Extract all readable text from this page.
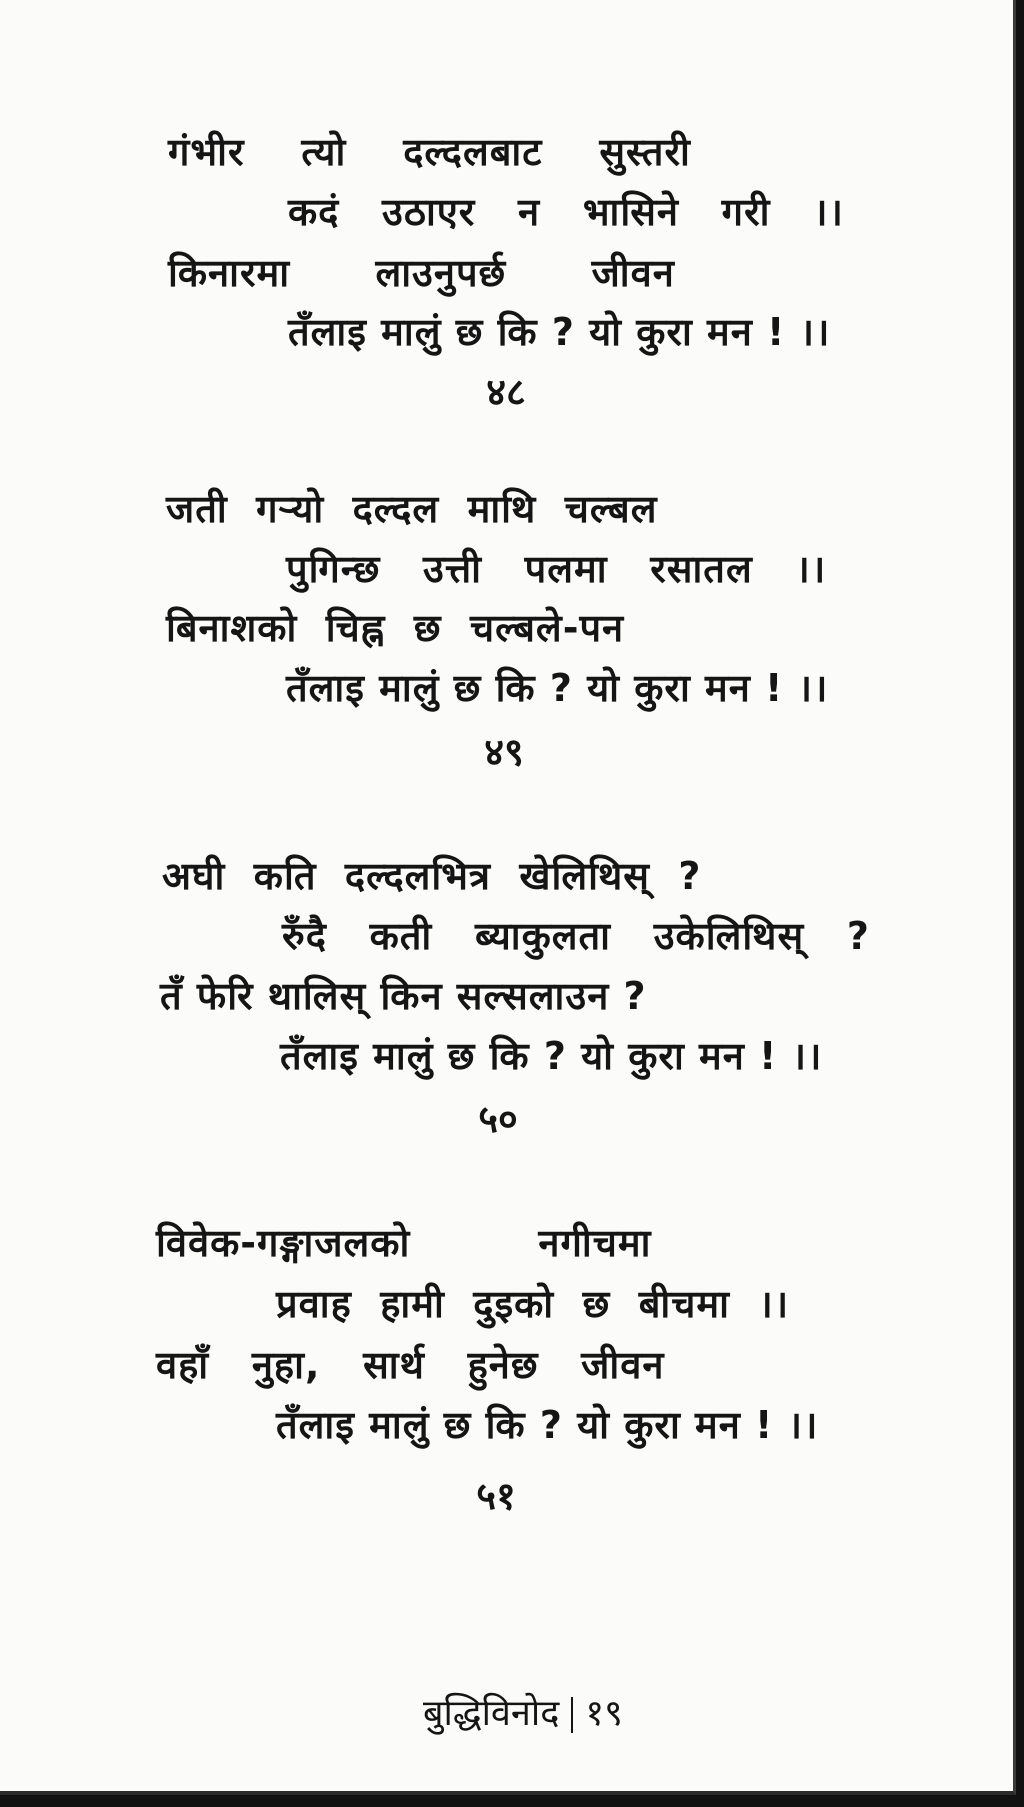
गंभीर    त्यो    दल्दलबाट    सुस्तरी
कदं   उठाएर   न   भासिने   गरी   ।।
किनारमा      लाउनुपर्छ      जीवन
तँलाइ मालुं छ कि ? यो कुरा मन ! ।।
४८
जती  गऱ्यो  दल्दल  माथि  चल्बल
पुगिन्छ   उत्ती   पलमा   रसातल   ।।
बिनाशको  चिह्न  छ  चल्बले-पन
तँलाइ मालुं छ कि ? यो कुरा मन ! ।।
४९
अघी  कति  दल्दलभित्र  खेलिथिस्  ?
रुँदै   कती   ब्याकुलता   उकेलिथिस्   ?
तँ फेरि थालिस् किन सल्सलाउन ?
तँलाइ मालुं छ कि ? यो कुरा मन ! ।।
५०
विवेक-गङ्गाजलको         नगीचमा
प्रवाह  हामी  दुइको  छ  बीचमा  ।।
वहाँ   नुहा,   सार्थ   हुनेछ   जीवन
तँलाइ मालुं छ कि ? यो कुरा मन ! ।।
५१

बुद्धिविनोद १९
